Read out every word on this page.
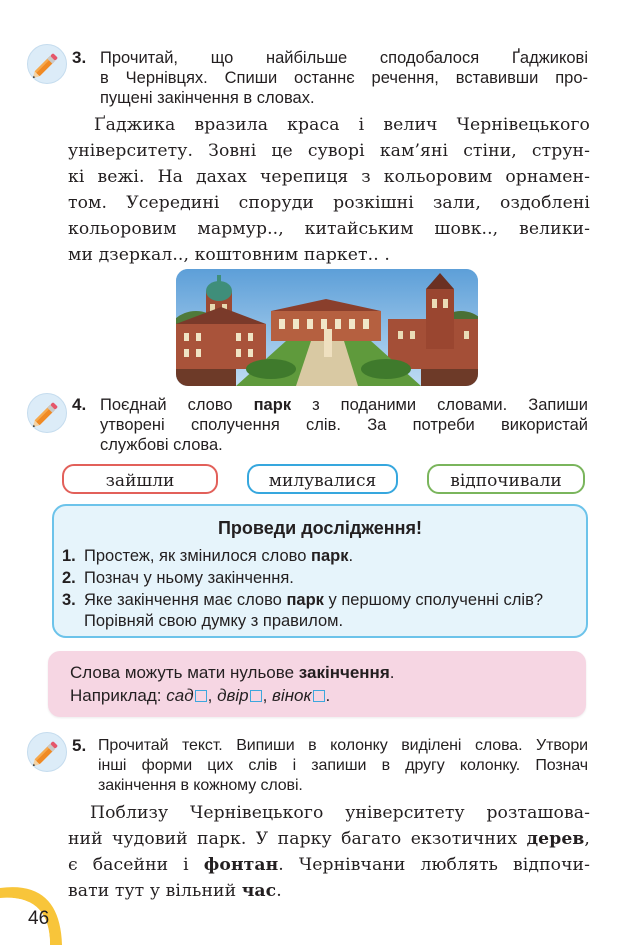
3. Прочитай, що найбільше сподобалося Ґаджикові
в Чернівцях. Спиши останнє речення, вставивши про-
пущені закінчення в словах.
Ґаджика вразила краса і велич Чернівецького
університету. Зовні це суворі кам’яні стіни, струн-
кі вежі. На дахах черепиця з кольоровим орнамен-
том. Усередині споруди розкішні зали, оздоблені
кольоровим мармур.., китайським шовк.., велики-
ми дзеркал.., коштовним паркет.. .
4. Поєднай слово парк з поданими словами. Запиши
утворені сполучення слів. За потреби використай
службові слова.
зайшли	милувалися	відпочивали
Проведи дослідження!
1. Простеж, як змінилося слово парк.
2. Познач у ньому закінчення.
3. Яке закінчення має слово парк у першому сполученні слів?
Порівняй свою думку з правилом.
Слова можуть мати нульове закінчення.
Наприклад: сад , двір , вінок .
5. Прочитай текст. Випиши в колонку виділені слова. Утвори
інші форми цих слів і запиши в другу колонку. Познач
закінчення в кожному слові.
Поблизу Чернівецького університету розташова-
ний чудовий парк. У парку багато екзотичних дерев,
є басейни і фонтан. Чернівчани люблять відпочи-
вати тут у вільний час.
46
